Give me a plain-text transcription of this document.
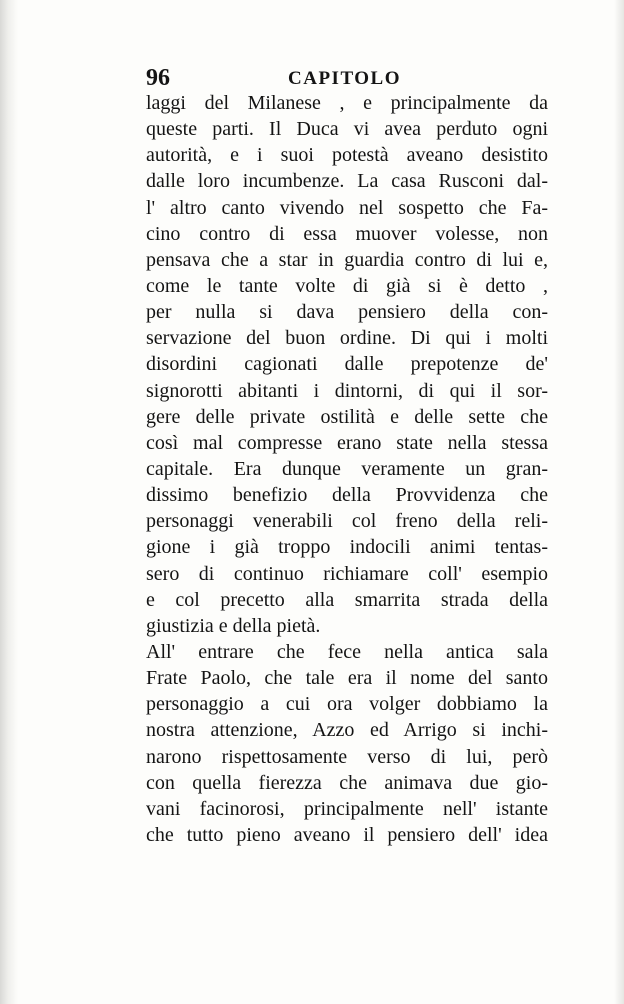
96	CAPITOLO
laggi del Milanese , e principalmente da
queste parti. Il Duca vi avea perduto ogni
autorità, e i suoi potestà aveano desistito
dalle loro incumbenze. La casa Rusconi dal-
l' altro canto vivendo nel sospetto che Fa-
cino contro di essa muover volesse, non
pensava che a star in guardia contro di lui e,
come le tante volte di già si è detto ,
per nulla si dava pensiero della con-
servazione del buon ordine. Di qui i molti
disordini cagionati dalle prepotenze de'
signorotti abitanti i dintorni, di qui il sor-
gere delle private ostilità e delle sette che
così mal compresse erano state nella stessa
capitale. Era dunque veramente un gran-
dissimo benefizio della Provvidenza che
personaggi venerabili col freno della reli-
gione i già troppo indocili animi tentas-
sero di continuo richiamare coll' esempio
e col precetto alla smarrita strada della
giustizia e della pietà.
All' entrare che fece nella antica sala
Frate Paolo, che tale era il nome del santo
personaggio a cui ora volger dobbiamo la
nostra attenzione, Azzo ed Arrigo si inchi-
narono rispettosamente verso di lui, però
con quella fierezza che animava due gio-
vani facinorosi, principalmente nell' istante
che tutto pieno aveano il pensiero dell' idea
